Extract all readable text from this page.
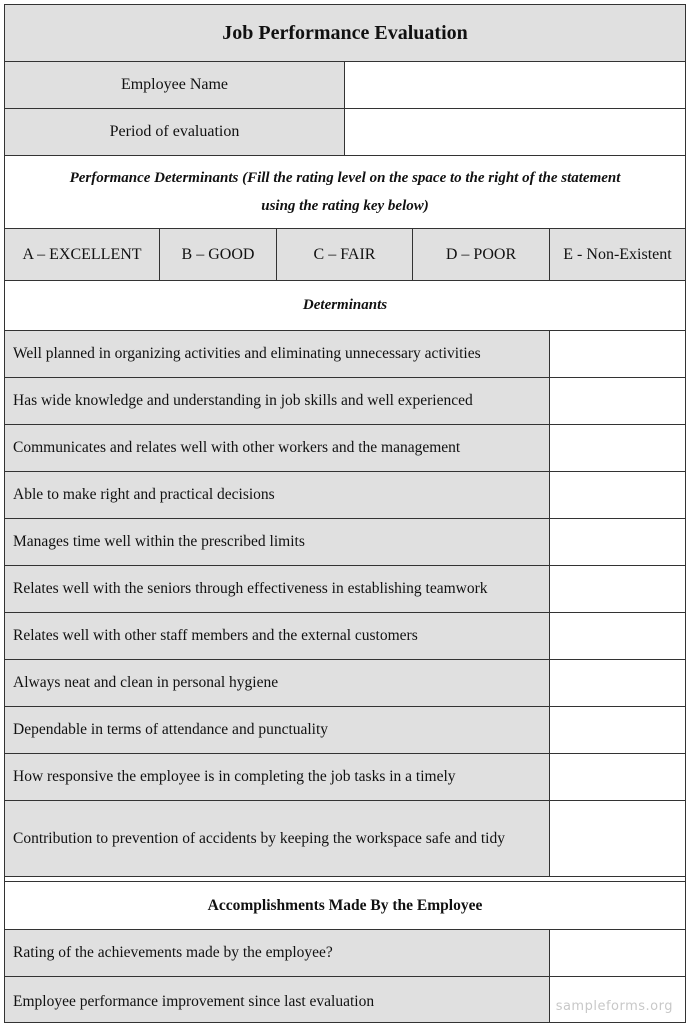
Job Performance Evaluation
Employee Name
Period of evaluation
Performance Determinants (Fill the rating level on the space to the right of the statement
using the rating key below)
A – EXCELLENT	B – GOOD	C – FAIR	D – POOR	E - Non-Existent
Determinants
Well planned in organizing activities and eliminating unnecessary activities
Has wide knowledge and understanding in job skills and well experienced
Communicates and relates well with other workers and the management
Able to make right and practical decisions
Manages time well within the prescribed limits
Relates well with the seniors through effectiveness in establishing teamwork
Relates well with other staff members and the external customers
Always neat and clean in personal hygiene
Dependable in terms of attendance and punctuality
How responsive the employee is in completing the job tasks in a timely
Contribution to prevention of accidents by keeping the workspace safe and tidy
Accomplishments Made By the Employee
Rating of the achievements made by the employee?
Employee performance improvement since last evaluation	sampleforms.org
